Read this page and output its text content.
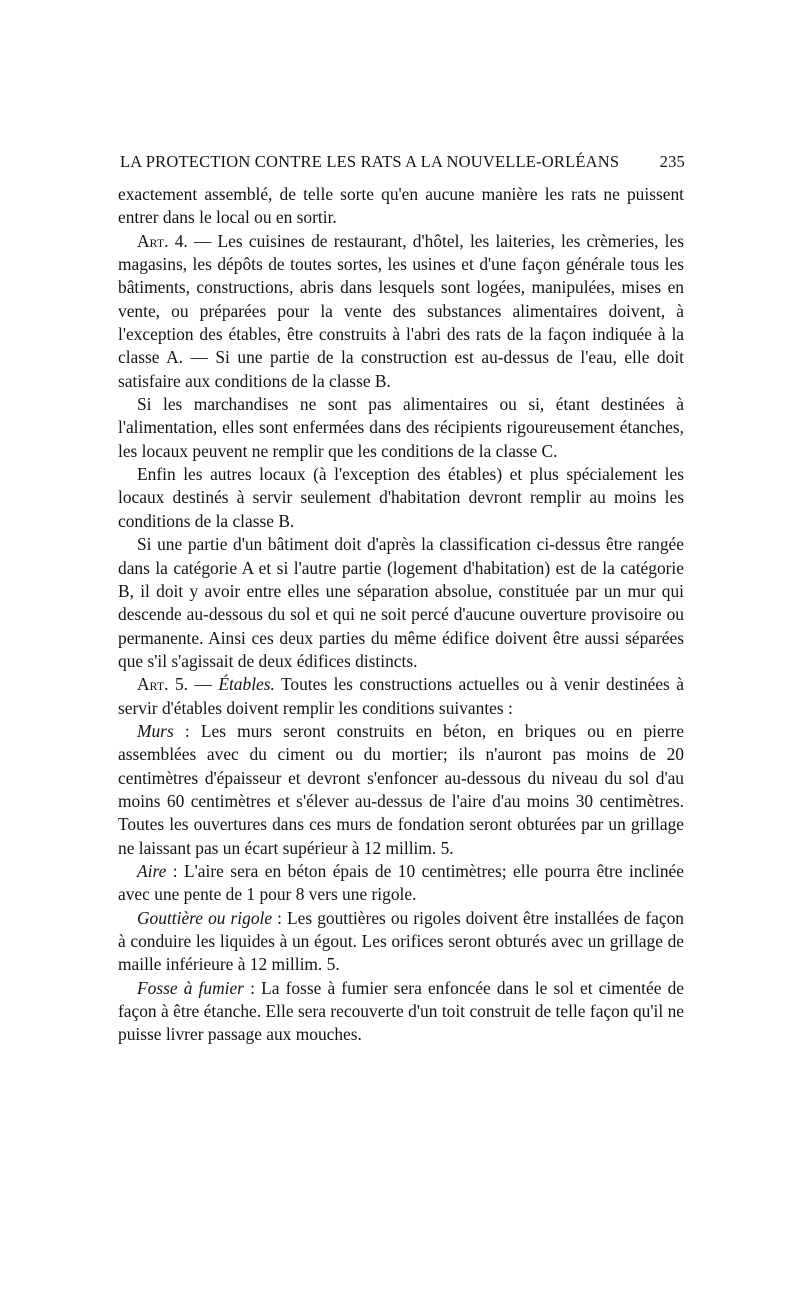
LA PROTECTION CONTRE LES RATS A LA NOUVELLE-ORLÉANS 235

exactement assemblé, de telle sorte qu'en aucune manière les rats ne puissent entrer dans le local ou en sortir.

Art. 4. — Les cuisines de restaurant, d'hôtel, les laiteries, les crèmeries, les magasins, les dépôts de toutes sortes, les usines et d'une façon générale tous les bâtiments, constructions, abris dans lesquels sont logées, manipulées, mises en vente, ou préparées pour la vente des substances alimentaires doivent, à l'exception des étables, être construits à l'abri des rats de la façon indiquée à la classe A. — Si une partie de la construction est au-dessus de l'eau, elle doit satisfaire aux conditions de la classe B.

Si les marchandises ne sont pas alimentaires ou si, étant destinées à l'alimentation, elles sont enfermées dans des récipients rigoureusement étanches, les locaux peuvent ne remplir que les conditions de la classe C.

Enfin les autres locaux (à l'exception des étables) et plus spécialement les locaux destinés à servir seulement d'habitation devront remplir au moins les conditions de la classe B.

Si une partie d'un bâtiment doit d'après la classification ci-dessus être rangée dans la catégorie A et si l'autre partie (logement d'habitation) est de la catégorie B, il doit y avoir entre elles une séparation absolue, constituée par un mur qui descende au-dessous du sol et qui ne soit percé d'aucune ouverture provisoire ou permanente. Ainsi ces deux parties du même édifice doivent être aussi séparées que s'il s'agissait de deux édifices distincts.

Art. 5. — Étables. Toutes les constructions actuelles ou à venir destinées à servir d'étables doivent remplir les conditions suivantes :

Murs : Les murs seront construits en béton, en briques ou en pierre assemblées avec du ciment ou du mortier; ils n'auront pas moins de 20 centimètres d'épaisseur et devront s'enfoncer au-dessous du niveau du sol d'au moins 60 centimètres et s'élever au-dessus de l'aire d'au moins 30 centimètres. Toutes les ouvertures dans ces murs de fondation seront obturées par un grillage ne laissant pas un écart supérieur à 12 millim. 5.

Aire : L'aire sera en béton épais de 10 centimètres; elle pourra être inclinée avec une pente de 1 pour 8 vers une rigole.

Gouttière ou rigole : Les gouttières ou rigoles doivent être installées de façon à conduire les liquides à un égout. Les orifices seront obturés avec un grillage de maille inférieure à 12 millim. 5.

Fosse à fumier : La fosse à fumier sera enfoncée dans le sol et cimentée de façon à être étanche. Elle sera recouverte d'un toit construit de telle façon qu'il ne puisse livrer passage aux mouches.
